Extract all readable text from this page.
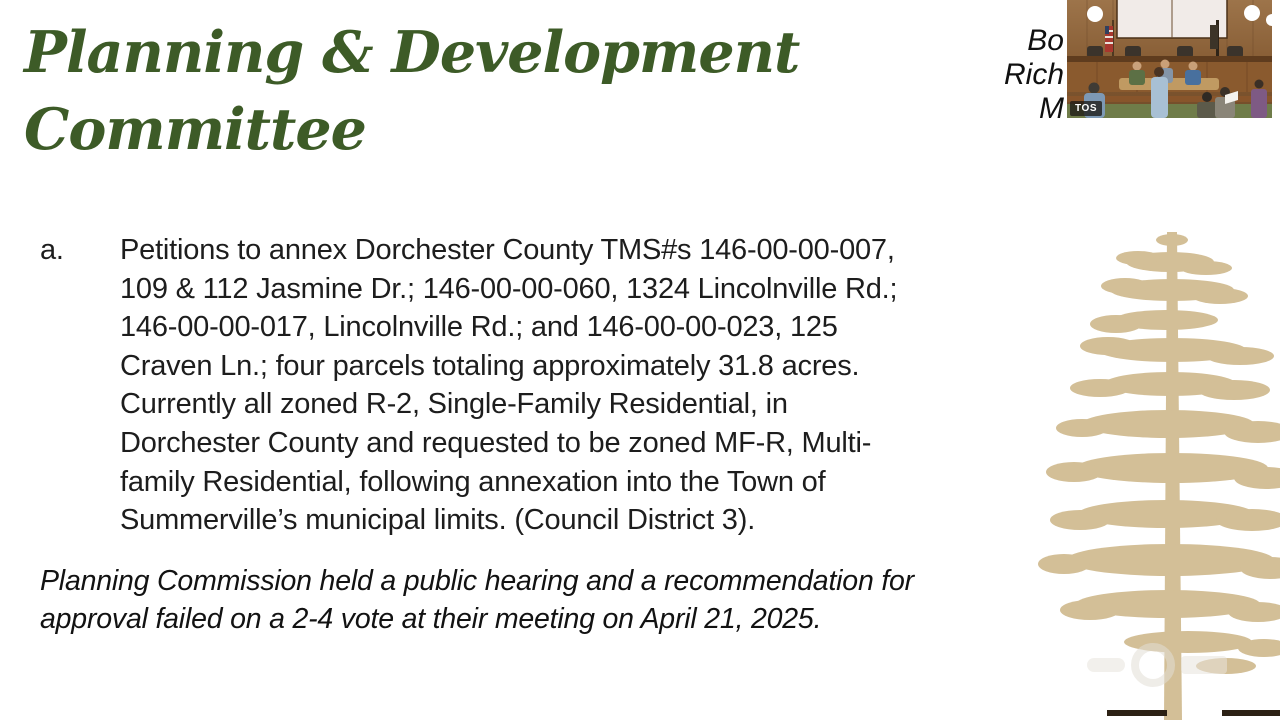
Planning & Development
Committee
a.	Petitions to annex Dorchester County TMS#s 146-00-00-007,
109 & 112 Jasmine Dr.; 146-00-00-060, 1324 Lincolnville Rd.;
146-00-00-017, Lincolnville Rd.; and 146-00-00-023, 125
Craven Ln.; four parcels totaling approximately 31.8 acres.
Currently all zoned R-2, Single-Family Residential, in
Dorchester County and requested to be zoned MF-R, Multi-
family Residential, following annexation into the Town of
Summerville’s municipal limits. (Council District 3).
Planning Commission held a public hearing and a recommendation for
approval failed on a 2-4 vote at their meeting on April 21, 2025.
Bo
Rich
M	TOS
